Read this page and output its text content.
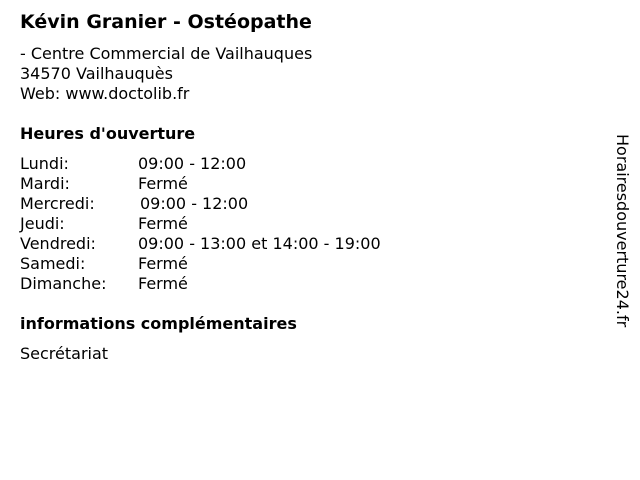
Kévin Granier - Ostéopathe
- Centre Commercial de Vailhauques
34570 Vailhauquès
Web: www.doctolib.fr
Heures d'ouverture
Lundi:	09:00 - 12:00
Mardi:	Fermé
Mercredi:	09:00 - 12:00
Jeudi:	Fermé
Vendredi:	09:00 - 13:00 et 14:00 - 19:00
Samedi:	Fermé
Dimanche: Fermé
informations complémentaires
Secrétariat
Horairesdouverture24.fr
